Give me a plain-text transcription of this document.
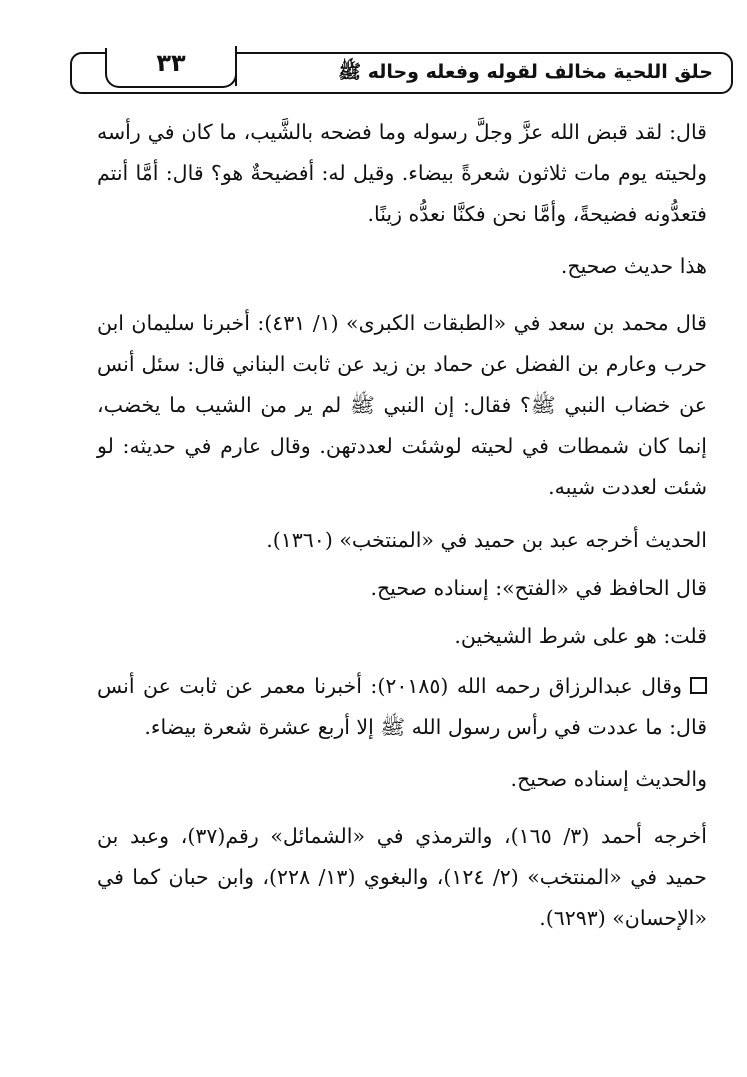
٣٣	حلق اللحية مخالف لقوله وفعله وحاله ﷺ

قال: لقد قبض الله عزَّ وجلَّ رسوله وما فضحه بالشَّيب، ما كان في رأسه ولحيته يوم مات ثلاثون شعرةً بيضاء. وقيل له: أفضيحةٌ هو؟ قال: أمَّا أنتم فتعدُّونه فضيحةً، وأمَّا نحن فكنَّا نعدُّه زينًا.

هذا حديث صحيح.

قال محمد بن سعد في «الطبقات الكبرى» (١/ ٤٣١): أخبرنا سليمان ابن حرب وعارم بن الفضل عن حماد بن زيد عن ثابت البناني قال: سئل أنس عن خضاب النبي ﷺ؟ فقال: إن النبي ﷺ لم ير من الشيب ما يخضب، إنما كان شمطات في لحيته لوشئت لعددتهن. وقال عارم في حديثه: لو شئت لعددت شيبه.

الحديث أخرجه عبد بن حميد في «المنتخب» (١٣٦٠).

قال الحافظ في «الفتح»: إسناده صحيح.

قلت: هو على شرط الشيخين.

وقال عبدالرزاق رحمه الله (٢٠١٨٥): أخبرنا معمر عن ثابت عن أنس قال: ما عددت في رأس رسول الله ﷺ إلا أربع عشرة شعرة بيضاء.

والحديث إسناده صحيح.

أخرجه أحمد (٣/ ١٦٥)، والترمذي في «الشمائل» رقم(٣٧)، وعبد بن حميد في «المنتخب» (٢/ ١٢٤)، والبغوي (١٣/ ٢٢٨)، وابن حبان كما في «الإحسان» (٦٢٩٣).
